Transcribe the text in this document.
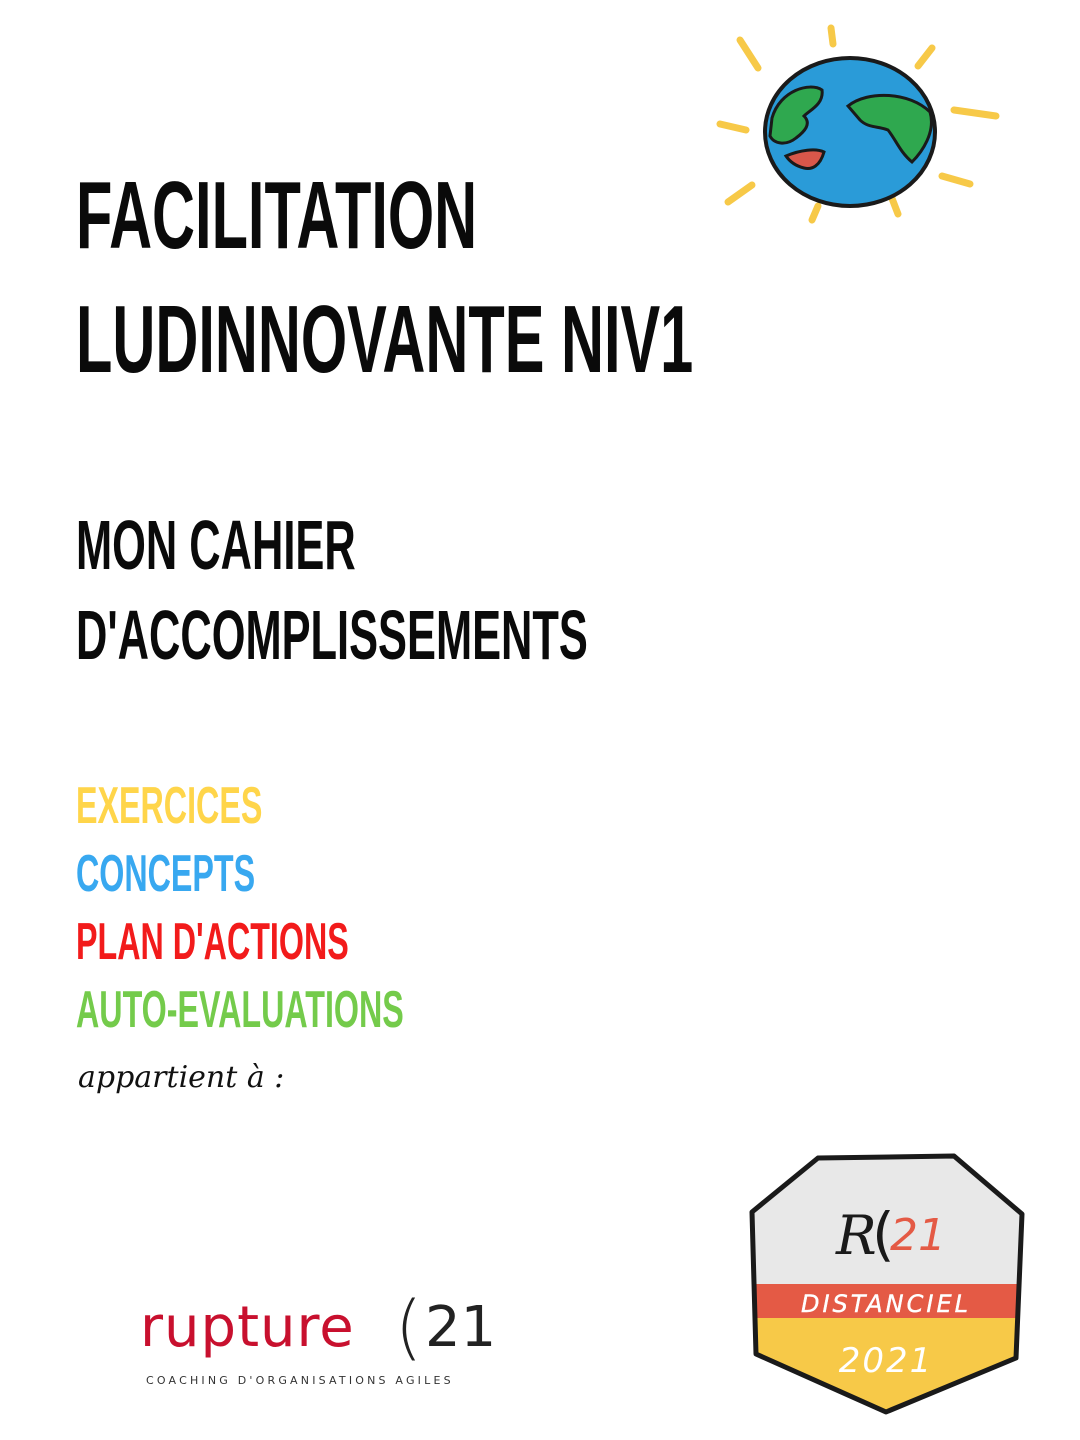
FACILITATION
LUDINNOVANTE NIV1
MON CAHIER
D'ACCOMPLISSEMENTS
EXERCICES
CONCEPTS
PLAN D'ACTIONS
AUTO-EVALUATIONS

appartient à :

rupture ( 21
COACHING D'ORGANISATIONS AGILES
R
(
21
DISTANCIEL
2021
